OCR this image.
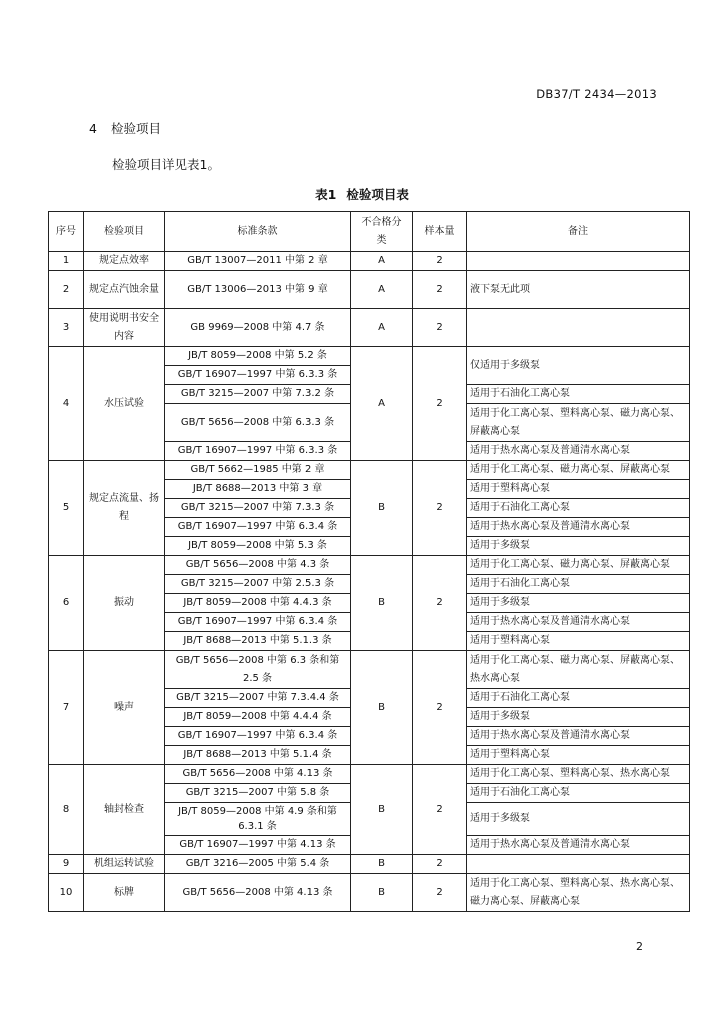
DB37/T 2434—2013
4 检验项目
检验项目详见表1。
表1 检验项目表
序号	检验项目	标准条款	不合格分类	样本量	备注
1	规定点效率	GB/T 13007—2011 中第 2 章	A	2	
2	规定点汽蚀余量	GB/T 13006—2013 中第 9 章	A	2	液下泵无此项
3	使用说明书安全内容	GB 9969—2008 中第 4.7 条	A	2	
4	水压试验	JB/T 8059—2008 中第 5.2 条	A	2	仅适用于多级泵
		GB/T 16907—1997 中第 6.3.3 条			
		GB/T 3215—2007 中第 7.3.2 条			适用于石油化工离心泵
		GB/T 5656—2008 中第 6.3.3 条			适用于化工离心泵、塑料离心泵、磁力离心泵、屏蔽离心泵

		GB/T 16907—1997 中第 6.3.3 条			适用于热水离心泵及普通清水离心泵
5	规定点流量、扬程	GB/T 5662—1985 中第 2 章	B	2	适用于化工离心泵、磁力离心泵、屏蔽离心泵
		JB/T 8688—2013 中第 3 章			适用于塑料离心泵
		GB/T 3215—2007 中第 7.3.3 条			适用于石油化工离心泵
		GB/T 16907—1997 中第 6.3.4 条			适用于热水离心泵及普通清水离心泵
		JB/T 8059—2008 中第 5.3 条			适用于多级泵
6	振动	GB/T 5656—2008 中第 4.3 条	B	2	适用于化工离心泵、磁力离心泵、屏蔽离心泵
		GB/T 3215—2007 中第 2.5.3 条			适用于石油化工离心泵
		JB/T 8059—2008 中第 4.4.3 条			适用于多级泵
		GB/T 16907—1997 中第 6.3.4 条			适用于热水离心泵及普通清水离心泵
		JB/T 8688—2013 中第 5.1.3 条			适用于塑料离心泵
7	噪声	GB/T 5656—2008 中第 6.3 条和第 2.5 条	B	2	适用于化工离心泵、磁力离心泵、屏蔽离心泵、热水离心泵
		GB/T 3215—2007 中第 7.3.4.4 条			适用于石油化工离心泵
		JB/T 8059—2008 中第 4.4.4 条			适用于多级泵
		GB/T 16907—1997 中第 6.3.4 条			适用于热水离心泵及普通清水离心泵
		JB/T 8688—2013 中第 5.1.4 条			适用于塑料离心泵
8	轴封检查	GB/T 5656—2008 中第 4.13 条	B	2	适用于化工离心泵、塑料离心泵、热水离心泵
		GB/T 3215—2007 中第 5.8 条			适用于石油化工离心泵
		JB/T 8059—2008 中第 4.9 条和第 6.3.1 条			适用于多级泵
		GB/T 16907—1997 中第 4.13 条			适用于热水离心泵及普通清水离心泵
9	机组运转试验	GB/T 3216—2005 中第 5.4 条	B	2	
10	标牌	GB/T 5656—2008 中第 4.13 条	B	2	适用于化工离心泵、塑料离心泵、热水离心泵、磁力离心泵、屏蔽离心泵
2
